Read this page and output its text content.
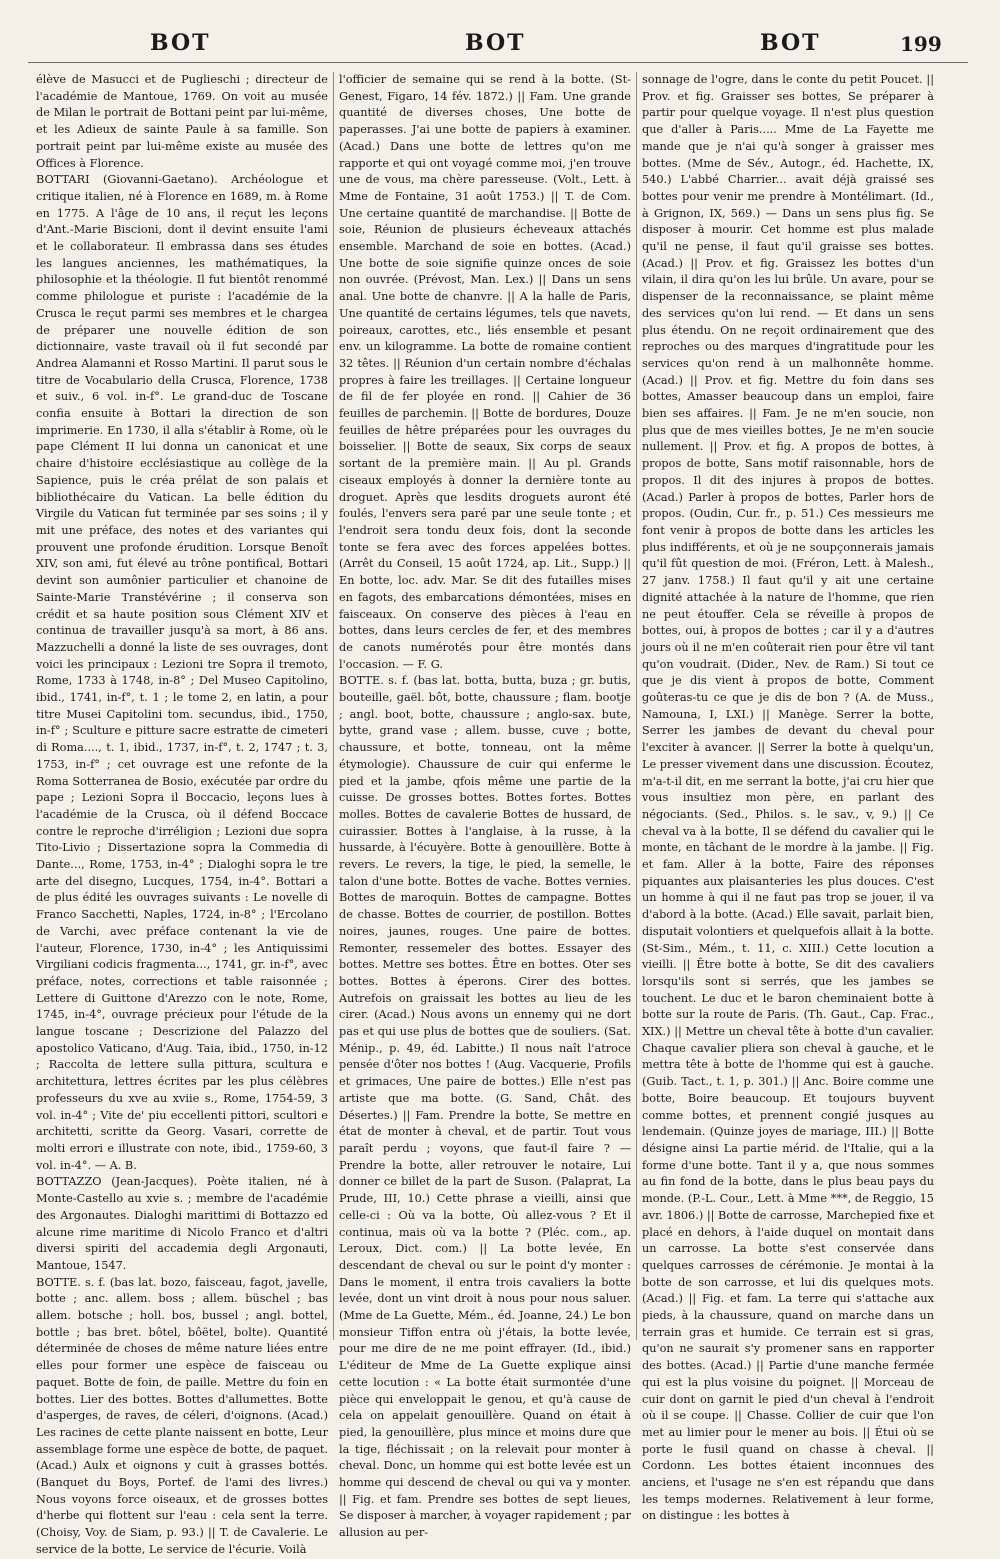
BOT	BOT	BOT	199

élève de Masucci et de Puglieschi ; directeur de l'académie de Mantoue, 1769. On voit au musée de Milan le portrait de Bottani peint par lui-même, et les Adieux de sainte Paule à sa famille. Son portrait peint par lui-même existe au musée des Offices à Florence.

BOTTARI (Giovanni-Gaetano). Archéologue et critique italien, né à Florence en 1689, m. à Rome en 1775. A l'âge de 10 ans, il reçut les leçons d'Ant.-Marie Biscioni, dont il devint ensuite l'ami et le collaborateur. Il embrassa dans ses études les langues anciennes, les mathématiques, la philosophie et la théologie. Il fut bientôt renommé comme philologue et puriste : l'académie de la Crusca le reçut parmi ses membres et le chargea de préparer une nouvelle édition de son dictionnaire, vaste travail où il fut secondé par Andrea Alamanni et Rosso Martini. Il parut sous le titre de Vocabulario della Crusca, Florence, 1738 et suiv., 6 vol. in-f°. Le grand-duc de Toscane confia ensuite à Bottari la direction de son imprimerie. En 1730, il alla s'établir à Rome, où le pape Clément II lui donna un canonicat et une chaire d'histoire ecclésiastique au collège de la Sapience, puis le créa prélat de son palais et bibliothécaire du Vatican. La belle édition du Virgile du Vatican fut terminée par ses soins ; il y mit une préface, des notes et des variantes qui prouvent une profonde érudition. Lorsque Benoît XIV, son ami, fut élevé au trône pontifical, Bottari devint son aumônier particulier et chanoine de Sainte-Marie Transtévérine ; il conserva son crédit et sa haute position sous Clément XIV et continua de travailler jusqu'à sa mort, à 86 ans. Mazzuchelli a donné la liste de ses ouvrages, dont voici les principaux : Lezioni tre Sopra il tremoto, Rome, 1733 à 1748, in-8° ; Del Museo Capitolino, ibid., 1741, in-f°, t. 1 ; le tome 2, en latin, a pour titre Musei Capitolini tom. secundus, ibid., 1750, in-f° ; Sculture e pitture sacre estratte de cimeteri di Roma...., t. 1, ibid., 1737, in-f°, t. 2, 1747 ; t. 3, 1753, in-f° ; cet ouvrage est une refonte de la Roma Sotterranea de Bosio, exécutée par ordre du pape ; Lezioni Sopra il Boccacio, leçons lues à l'académie de la Crusca, où il défend Boccace contre le reproche d'irréligion ; Lezioni due sopra Tito-Livio ; Dissertazione sopra la Commedia di Dante..., Rome, 1753, in-4° ; Dialoghi sopra le tre arte del disegno, Lucques, 1754, in-4°. Bottari a de plus édité les ouvrages suivants : Le novelle di Franco Sacchetti, Naples, 1724, in-8° ; l'Ercolano de Varchi, avec préface contenant la vie de l'auteur, Florence, 1730, in-4° ; les Antiquissimi Virgiliani codicis fragmenta..., 1741, gr. in-f°, avec préface, notes, corrections et table raisonnée ; Lettere di Guittone d'Arezzo con le note, Rome, 1745, in-4°, ouvrage précieux pour l'étude de la langue toscane ; Descrizione del Palazzo del apostolico Vaticano, d'Aug. Taia, ibid., 1750, in-12 ; Raccolta de lettere sulla pittura, scultura e architettura, lettres écrites par les plus célèbres professeurs du xve au xviie s., Rome, 1754-59, 3 vol. in-4° ; Vite de' piu eccellenti pittori, scultori e architetti, scritte da Georg. Vasari, corrette de molti errori e illustrate con note, ibid., 1759-60, 3 vol. in-4°. — A. B.

BOTTAZZO (Jean-Jacques). Poète italien, né à Monte-Castello au xvie s. ; membre de l'académie des Argonautes. Dialoghi marittimi di Bottazzo ed alcune rime maritime di Nicolo Franco et d'altri diversi spiriti del accademia degli Argonauti, Mantoue, 1547.

BOTTE. s. f. (bas lat. bozo, faisceau, fagot, javelle, botte ; anc. allem. boss ; allem. büschel ; bas allem. botsche ; holl. bos, bussel ; angl. bottel, bottle ; bas bret. bôtel, bôëtel, bolte). Quantité déterminée de choses de même nature liées entre elles pour former une espèce de faisceau ou paquet. Botte de foin, de paille. Mettre du foin en bottes. Lier des bottes. Bottes d'allumettes. Botte d'asperges, de raves, de céleri, d'oignons. (Acad.) Les racines de cette plante naissent en botte, Leur assemblage forme une espèce de botte, de paquet. (Acad.) Aulx et oignons y cuit à grasses bottés. (Banquet du Boys, Portef. de l'ami des livres.) Nous voyons force oiseaux, et de grosses bottes d'herbe qui flottent sur l'eau : cela sent la terre. (Choisy, Voy. de Siam, p. 93.) || T. de Cavalerie. Le service de la botte, Le service de l'écurie. Voilà

l'officier de semaine qui se rend à la botte. (St-Genest, Figaro, 14 fév. 1872.) || Fam. Une grande quantité de diverses choses, Une botte de paperasses. J'ai une botte de papiers à examiner. (Acad.) Dans une botte de lettres qu'on me rapporte et qui ont voyagé comme moi, j'en trouve une de vous, ma chère paresseuse. (Volt., Lett. à Mme de Fontaine, 31 août 1753.) || T. de Com. Une certaine quantité de marchandise. || Botte de soie, Réunion de plusieurs écheveaux attachés ensemble. Marchand de soie en bottes. (Acad.) Une botte de soie signifie quinze onces de soie non ouvrée. (Prévost, Man. Lex.) || Dans un sens anal. Une botte de chanvre. || A la halle de Paris, Une quantité de certains légumes, tels que navets, poireaux, carottes, etc., liés ensemble et pesant env. un kilogramme. La botte de romaine contient 32 têtes. || Réunion d'un certain nombre d'échalas propres à faire les treillages. || Certaine longueur de fil de fer ployée en rond. || Cahier de 36 feuilles de parchemin. || Botte de bordures, Douze feuilles de hêtre préparées pour les ouvrages du boisselier. || Botte de seaux, Six corps de seaux sortant de la première main. || Au pl. Grands ciseaux employés à donner la dernière tonte au droguet. Après que lesdits droguets auront été foulés, l'envers sera paré par une seule tonte ; et l'endroit sera tondu deux fois, dont la seconde tonte se fera avec des forces appelées bottes. (Arrêt du Conseil, 15 août 1724, ap. Lit., Supp.) || En botte, loc. adv. Mar. Se dit des futailles mises en fagots, des embarcations démontées, mises en faisceaux. On conserve des pièces à l'eau en bottes, dans leurs cercles de fer, et des membres de canots numérotés pour être montés dans l'occasion. — F. G.

BOTTE. s. f. (bas lat. botta, butta, buza ; gr. butis, bouteille, gaël. bôt, botte, chaussure ; flam. bootje ; angl. boot, botte, chaussure ; anglo-sax. bute, bytte, grand vase ; allem. busse, cuve ; botte, chaussure, et botte, tonneau, ont la même étymologie). Chaussure de cuir qui enferme le pied et la jambe, qfois même une partie de la cuisse. De grosses bottes. Bottes fortes. Bottes molles. Bottes de cavalerie Bottes de hussard, de cuirassier. Bottes à l'anglaise, à la russe, à la hussarde, à l'écuyère. Botte à genouillère. Botte à revers. Le revers, la tige, le pied, la semelle, le talon d'une botte. Bottes de vache. Bottes vernies. Bottes de maroquin. Bottes de campagne. Bottes de chasse. Bottes de courrier, de postillon. Bottes noires, jaunes, rouges. Une paire de bottes. Remonter, ressemeler des bottes. Essayer des bottes. Mettre ses bottes. Être en bottes. Oter ses bottes. Bottes à éperons. Cirer des bottes. Autrefois on graissait les bottes au lieu de les cirer. (Acad.) Nous avons un ennemy qui ne dort pas et qui use plus de bottes que de souliers. (Sat. Ménip., p. 49, éd. Labitte.) Il nous naît l'atroce pensée d'ôter nos bottes ! (Aug. Vacquerie, Profils et grimaces, Une paire de bottes.) Elle n'est pas artiste que ma botte. (G. Sand, Chât. des Désertes.) || Fam. Prendre la botte, Se mettre en état de monter à cheval, et de partir. Tout vous paraît perdu ; voyons, que faut-il faire ? — Prendre la botte, aller retrouver le notaire, Lui donner ce billet de la part de Suson. (Palaprat, La Prude, III, 10.) Cette phrase a vieilli, ainsi que celle-ci : Où va la botte, Où allez-vous ? Et il continua, mais où va la botte ? (Pléc. com., ap. Leroux, Dict. com.) || La botte levée, En descendant de cheval ou sur le point d'y monter : Dans le moment, il entra trois cavaliers la botte levée, dont un vint droit à nous pour nous saluer. (Mme de La Guette, Mém., éd. Joanne, 24.) Le bon monsieur Tiffon entra où j'étais, la botte levée, pour me dire de ne me point effrayer. (Id., ibid.) L'éditeur de Mme de La Guette explique ainsi cette locution : « La botte était surmontée d'une pièce qui enveloppait le genou, et qu'à cause de cela on appelait genouillère. Quand on était à pied, la genouillère, plus mince et moins dure que la tige, fléchissait ; on la relevait pour monter à cheval. Donc, un homme qui est botte levée est un homme qui descend de cheval ou qui va y monter. || Fig. et fam. Prendre ses bottes de sept lieues, Se disposer à marcher, à voyager rapidement ; par allusion au per-

sonnage de l'ogre, dans le conte du petit Poucet. || Prov. et fig. Graisser ses bottes, Se préparer à partir pour quelque voyage. Il n'est plus question que d'aller à Paris..... Mme de La Fayette me mande que je n'ai qu'à songer à graisser mes bottes. (Mme de Sév., Autogr., éd. Hachette, IX, 540.) L'abbé Charrier... avait déjà graissé ses bottes pour venir me prendre à Montélimart. (Id., à Grignon, IX, 569.) — Dans un sens plus fig. Se disposer à mourir. Cet homme est plus malade qu'il ne pense, il faut qu'il graisse ses bottes. (Acad.) || Prov. et fig. Graissez les bottes d'un vilain, il dira qu'on les lui brûle. Un avare, pour se dispenser de la reconnaissance, se plaint même des services qu'on lui rend. — Et dans un sens plus étendu. On ne reçoit ordinairement que des reproches ou des marques d'ingratitude pour les services qu'on rend à un malhonnête homme. (Acad.) || Prov. et fig. Mettre du foin dans ses bottes, Amasser beaucoup dans un emploi, faire bien ses affaires. || Fam. Je ne m'en soucie, non plus que de mes vieilles bottes, Je ne m'en soucie nullement. || Prov. et fig. A propos de bottes, à propos de botte, Sans motif raisonnable, hors de propos. Il dit des injures à propos de bottes. (Acad.) Parler à propos de bottes, Parler hors de propos. (Oudin, Cur. fr., p. 51.) Ces messieurs me font venir à propos de botte dans les articles les plus indifférents, et où je ne soupçonnerais jamais qu'il fût question de moi. (Fréron, Lett. à Malesh., 27 janv. 1758.) Il faut qu'il y ait une certaine dignité attachée à la nature de l'homme, que rien ne peut étouffer. Cela se réveille à propos de bottes, oui, à propos de bottes ; car il y a d'autres jours où il ne m'en coûterait rien pour être vil tant qu'on voudrait. (Dider., Nev. de Ram.) Si tout ce que je dis vient à propos de botte, Comment goûteras-tu ce que je dis de bon ? (A. de Muss., Namouna, I, LXI.) || Manège. Serrer la botte, Serrer les jambes de devant du cheval pour l'exciter à avancer. || Serrer la botte à quelqu'un, Le presser vivement dans une discussion. Écoutez, m'a-t-il dit, en me serrant la botte, j'ai cru hier que vous insultiez mon père, en parlant des négociants. (Sed., Philos. s. le sav., v, 9.) || Ce cheval va à la botte, Il se défend du cavalier qui le monte, en tâchant de le mordre à la jambe. || Fig. et fam. Aller à la botte, Faire des réponses piquantes aux plaisanteries les plus douces. C'est un homme à qui il ne faut pas trop se jouer, il va d'abord à la botte. (Acad.) Elle savait, parlait bien, disputait volontiers et quelquefois allait à la botte. (St-Sim., Mém., t. 11, c. XIII.) Cette locution a vieilli. || Être botte à botte, Se dit des cavaliers lorsqu'ils sont si serrés, que les jambes se touchent. Le duc et le baron cheminaient botte à botte sur la route de Paris. (Th. Gaut., Cap. Frac., XIX.) || Mettre un cheval tête à botte d'un cavalier. Chaque cavalier pliera son cheval à gauche, et le mettra tête à botte de l'homme qui est à gauche. (Guib. Tact., t. 1, p. 301.) || Anc. Boire comme une botte, Boire beaucoup. Et toujours buyvent comme bottes, et prennent congié jusques au lendemain. (Quinze joyes de mariage, III.) || Botte désigne ainsi La partie mérid. de l'Italie, qui a la forme d'une botte. Tant il y a, que nous sommes au fin fond de la botte, dans le plus beau pays du monde. (P.-L. Cour., Lett. à Mme ***, de Reggio, 15 avr. 1806.) || Botte de carrosse, Marchepied fixe et placé en dehors, à l'aide duquel on montait dans un carrosse. La botte s'est conservée dans quelques carrosses de cérémonie. Je montai à la botte de son carrosse, et lui dis quelques mots. (Acad.) || Fig. et fam. La terre qui s'attache aux pieds, à la chaussure, quand on marche dans un terrain gras et humide. Ce terrain est si gras, qu'on ne saurait s'y promener sans en rapporter des bottes. (Acad.) || Partie d'une manche fermée qui est la plus voisine du poignet. || Morceau de cuir dont on garnit le pied d'un cheval à l'endroit où il se coupe. || Chasse. Collier de cuir que l'on met au limier pour le mener au bois. || Étui où se porte le fusil quand on chasse à cheval. || Cordonn. Les bottes étaient inconnues des anciens, et l'usage ne s'en est répandu que dans les temps modernes. Relativement à leur forme, on distingue : les bottes à
